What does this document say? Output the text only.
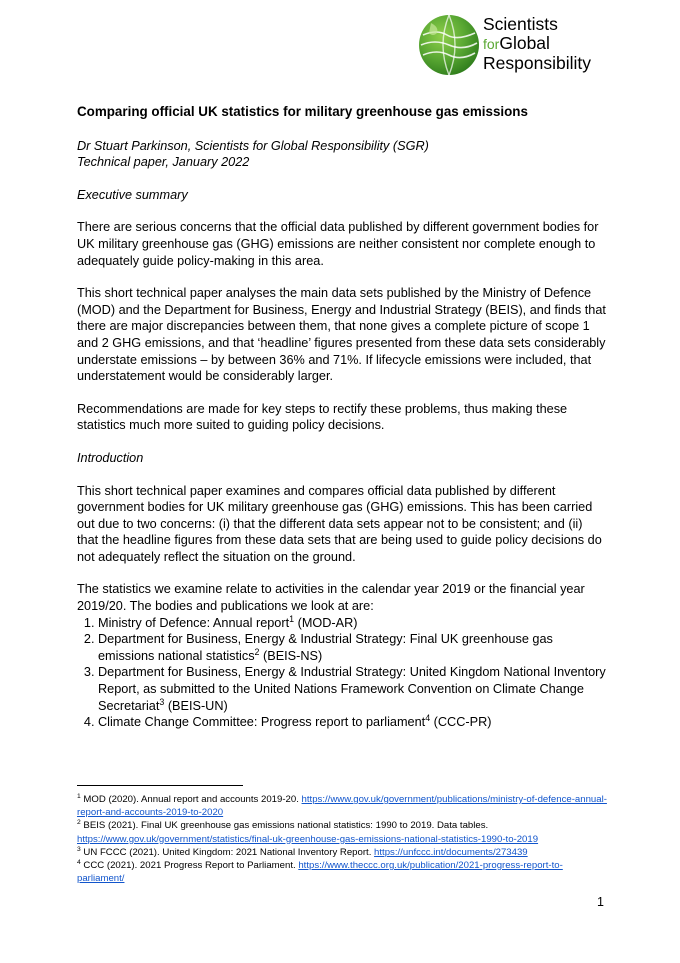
Scientists
forGlobal
Responsibility

Comparing official UK statistics for military greenhouse gas emissions

Dr Stuart Parkinson, Scientists for Global Responsibility (SGR)

Technical paper, January 2022

Executive summary

There are serious concerns that the official data published by different government bodies for UK military greenhouse gas (GHG) emissions are neither consistent nor complete enough to adequately guide policy-making in this area.

This short technical paper analyses the main data sets published by the Ministry of Defence (MOD) and the Department for Business, Energy and Industrial Strategy (BEIS), and finds that there are major discrepancies between them, that none gives a complete picture of scope 1 and 2 GHG emissions, and that ‘headline’ figures presented from these data sets considerably understate emissions – by between 36% and 71%. If lifecycle emissions were included, that understatement would be considerably larger.

Recommendations are made for key steps to rectify these problems, thus making these statistics much more suited to guiding policy decisions.

Introduction

This short technical paper examines and compares official data published by different government bodies for UK military greenhouse gas (GHG) emissions. This has been carried out due to two concerns: (i) that the different data sets appear not to be consistent; and (ii) that the headline figures from these data sets that are being used to guide policy decisions do not adequately reflect the situation on the ground.

The statistics we examine relate to activities in the calendar year 2019 or the financial year 2019/20. The bodies and publications we look at are:

1. Ministry of Defence: Annual report$^1$ (MOD-AR)
2. Department for Business, Energy & Industrial Strategy: Final UK greenhouse gas emissions national statistics$^2$ (BEIS-NS)
3. Department for Business, Energy & Industrial Strategy: United Kingdom National Inventory Report, as submitted to the United Nations Framework Convention on Climate Change Secretariat$^3$ (BEIS-UN)
4. Climate Change Committee: Progress report to parliament$^4$ (CCC-PR)
$^1$ MOD (2020). Annual report and accounts 2019-20. https://www.gov.uk/government/publications/ministry-of-defence-annual-report-and-accounts-2019-to-2020
$^2$ BEIS (2021). Final UK greenhouse gas emissions national statistics: 1990 to 2019. Data tables. https://www.gov.uk/government/statistics/final-uk-greenhouse-gas-emissions-national-statistics-1990-to-2019
$^3$ UN FCCC (2021). United Kingdom: 2021 National Inventory Report. https://unfccc.int/documents/273439
$^4$ CCC (2021). 2021 Progress Report to Parliament. https://www.theccc.org.uk/publication/2021-progress-report-to-parliament/
1
